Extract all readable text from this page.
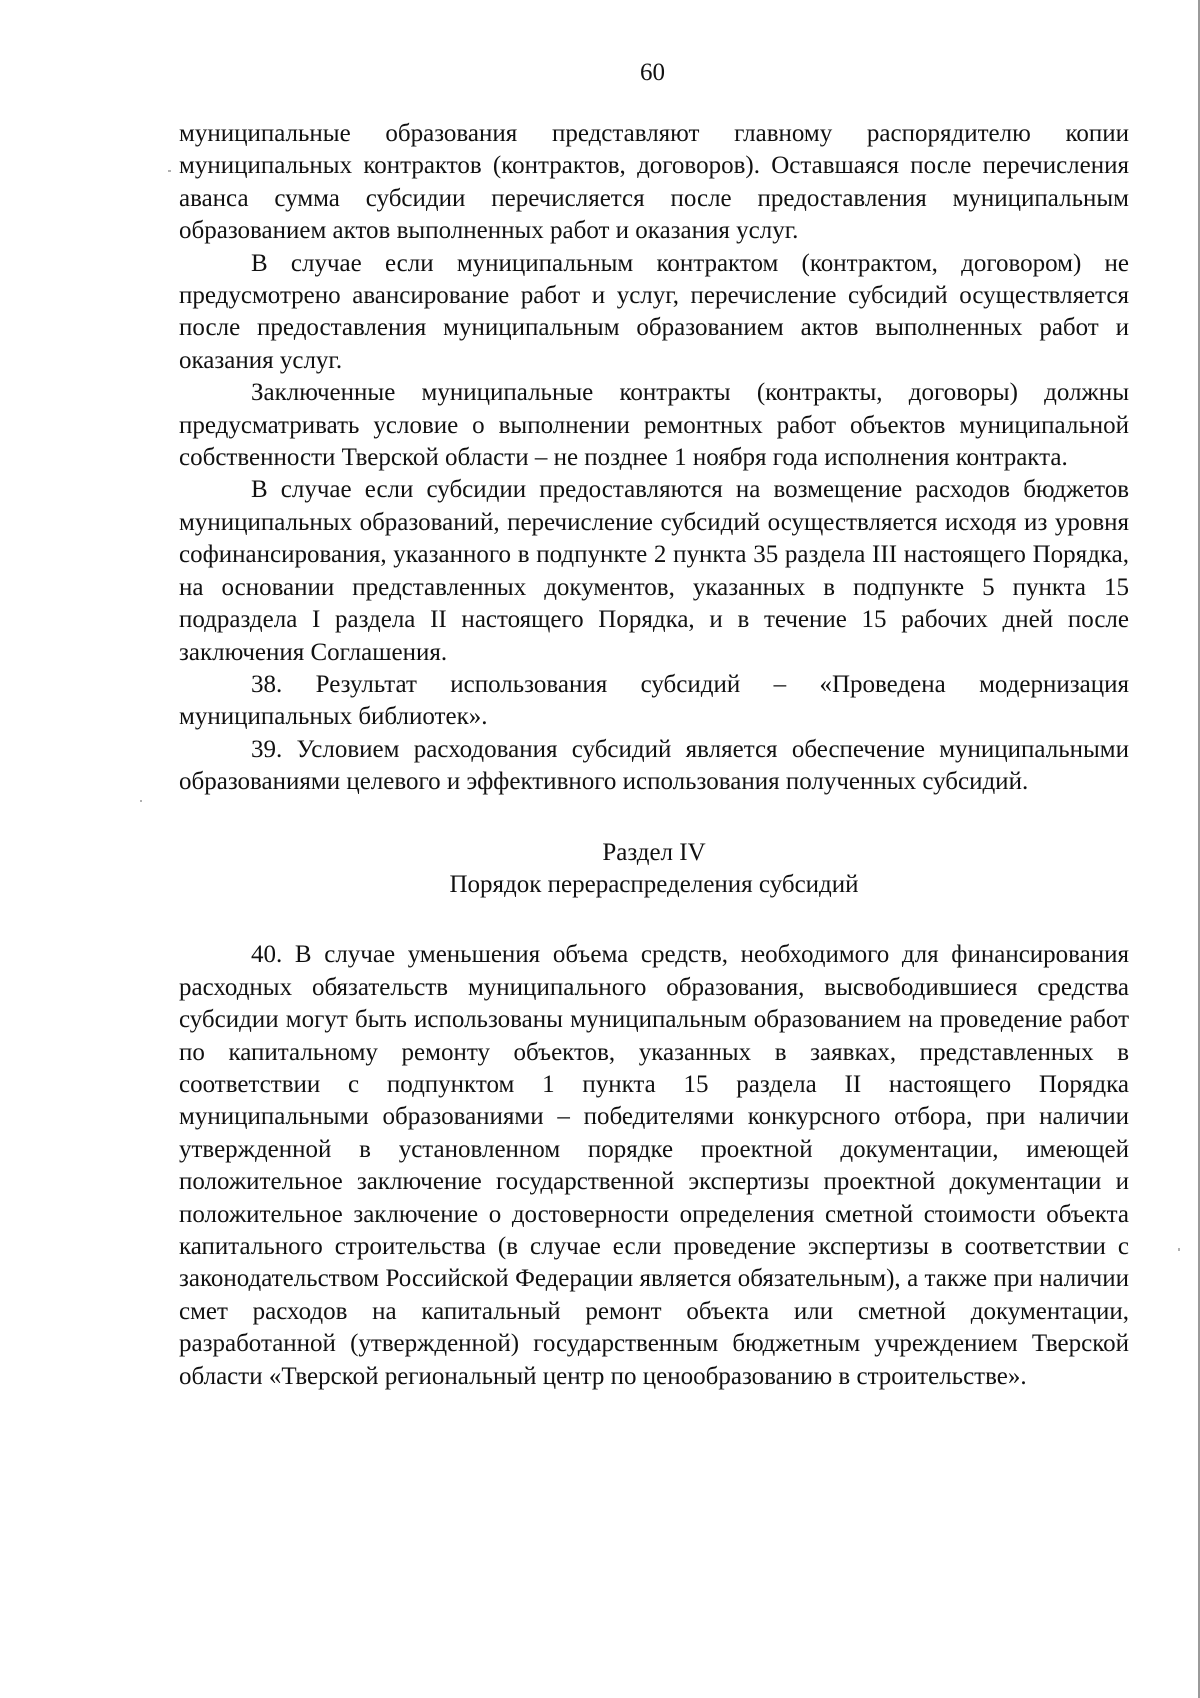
60

муниципальные образования представляют главному распорядителю копии муниципальных контрактов (контрактов, договоров). Оставшаяся после перечисления аванса сумма субсидии перечисляется после предоставления муниципальным образованием актов выполненных работ и оказания услуг.

В случае если муниципальным контрактом (контрактом, договором) не предусмотрено авансирование работ и услуг, перечисление субсидий осуществляется после предоставления муниципальным образованием актов выполненных работ и оказания услуг.

Заключенные муниципальные контракты (контракты, договоры) должны предусматривать условие о выполнении ремонтных работ объектов муниципальной собственности Тверской области – не позднее 1 ноября года исполнения контракта.

В случае если субсидии предоставляются на возмещение расходов бюджетов муниципальных образований, перечисление субсидий осуществляется исходя из уровня софинансирования, указанного в подпункте 2 пункта 35 раздела III настоящего Порядка, на основании представленных документов, указанных в подпункте 5 пункта 15 подраздела I раздела II настоящего Порядка, и в течение 15 рабочих дней после заключения Соглашения.

38. Результат использования субсидий – «Проведена модернизация муниципальных библиотек».

39. Условием расходования субсидий является обеспечение муниципальными образованиями целевого и эффективного использования полученных субсидий.

Раздел IV
Порядок перераспределения субсидий

40. В случае уменьшения объема средств, необходимого для финансирования расходных обязательств муниципального образования, высвободившиеся средства субсидии могут быть использованы муниципальным образованием на проведение работ по капитальному ремонту объектов, указанных в заявках, представленных в соответствии с подпунктом 1 пункта 15 раздела II настоящего Порядка муниципальными образованиями – победителями конкурсного отбора, при наличии утвержденной в установленном порядке проектной документации, имеющей положительное заключение государственной экспертизы проектной документации и положительное заключение о достоверности определения сметной стоимости объекта капитального строительства (в случае если проведение экспертизы в соответствии с законодательством Российской Федерации является обязательным), а также при наличии смет расходов на капитальный ремонт объекта или сметной документации, разработанной (утвержденной) государственным бюджетным учреждением Тверской области «Тверской региональный центр по ценообразованию в строительстве».
